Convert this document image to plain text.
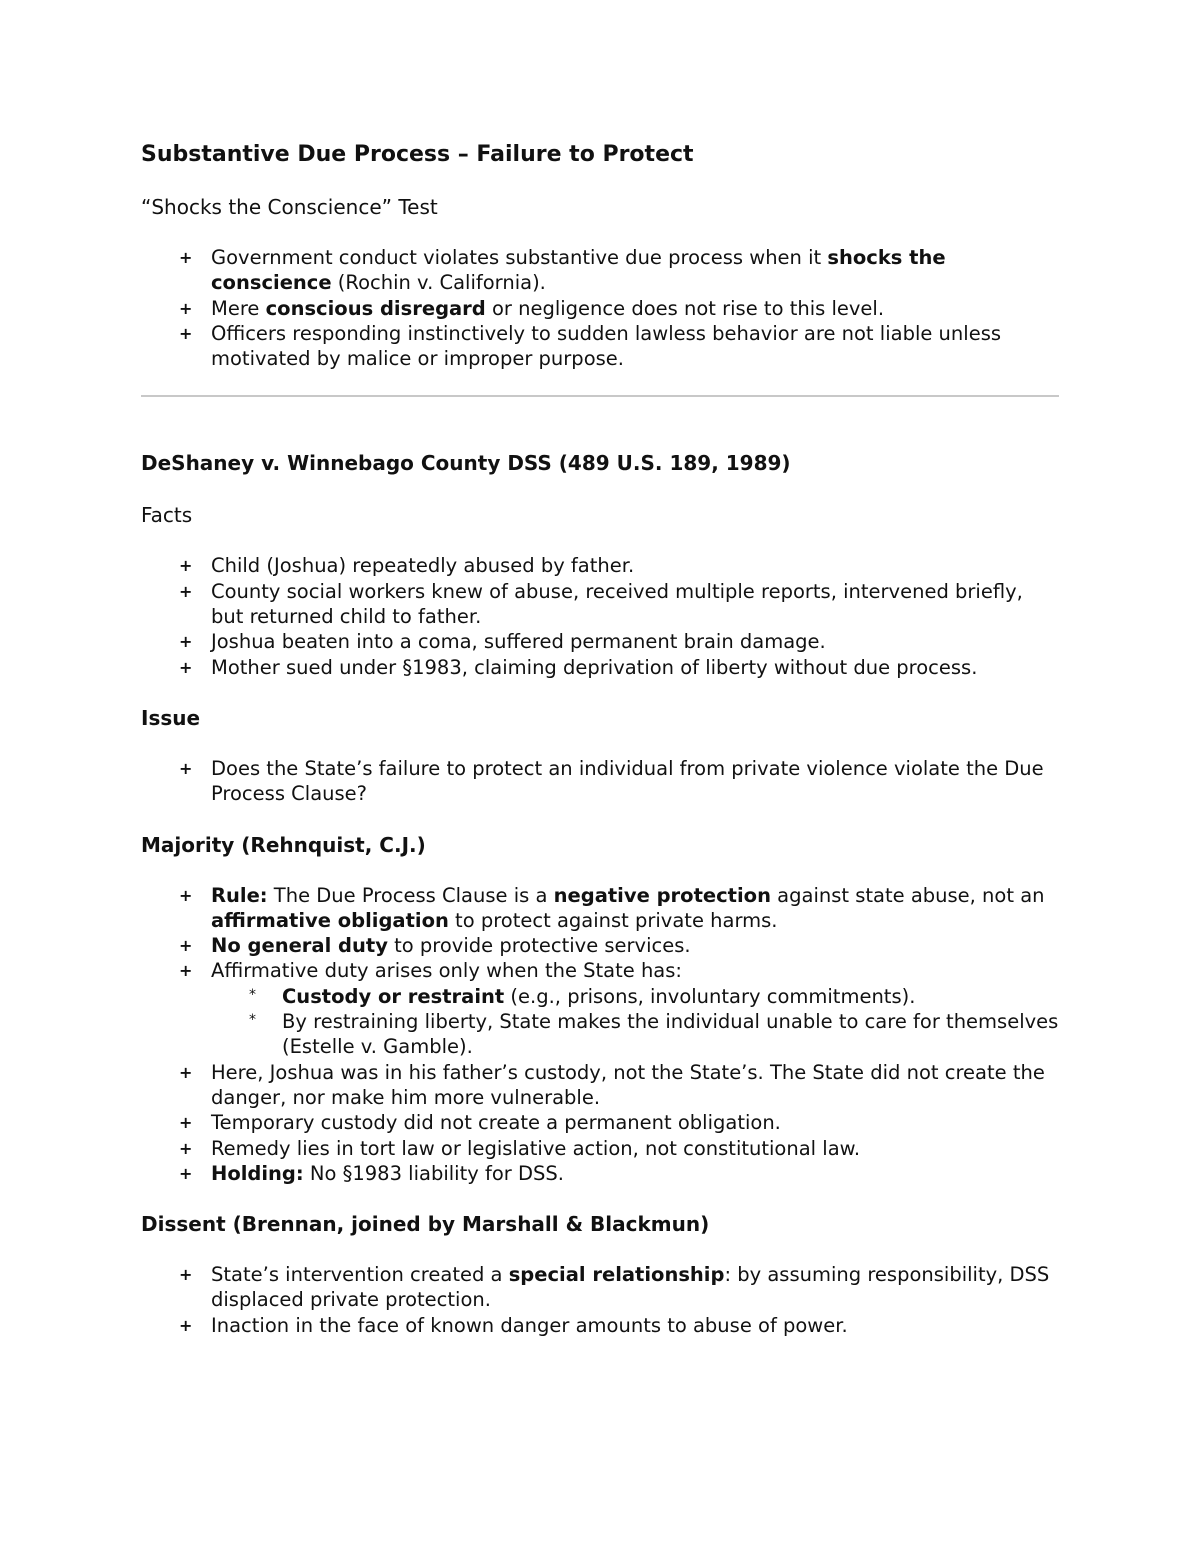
Substantive Due Process – Failure to Protect
“Shocks the Conscience” Test
+ Government conduct violates substantive due process when it shocks the conscience (Rochin v. California).
+ Mere conscious disregard or negligence does not rise to this level.
+ Officers responding instinctively to sudden lawless behavior are not liable unless motivated by malice or improper purpose.
DeShaney v. Winnebago County DSS (489 U.S. 189, 1989)
Facts
+ Child (Joshua) repeatedly abused by father.
+ County social workers knew of abuse, received multiple reports, intervened briefly, but returned child to father.
+ Joshua beaten into a coma, suffered permanent brain damage.
+ Mother sued under §1983, claiming deprivation of liberty without due process.
Issue
+ Does the State’s failure to protect an individual from private violence violate the Due Process Clause?
Majority (Rehnquist, C.J.)
+ Rule: The Due Process Clause is a negative protection against state abuse, not an affirmative obligation to protect against private harms.
+ No general duty to provide protective services.
+ Affirmative duty arises only when the State has:
* Custody or restraint (e.g., prisons, involuntary commitments).
* By restraining liberty, State makes the individual unable to care for themselves (Estelle v. Gamble).
+ Here, Joshua was in his father’s custody, not the State’s. The State did not create the danger, nor make him more vulnerable.
+ Temporary custody did not create a permanent obligation.
+ Remedy lies in tort law or legislative action, not constitutional law.
+ Holding: No §1983 liability for DSS.
Dissent (Brennan, joined by Marshall & Blackmun)
+ State’s intervention created a special relationship: by assuming responsibility, DSS displaced private protection.
+ Inaction in the face of known danger amounts to abuse of power.
